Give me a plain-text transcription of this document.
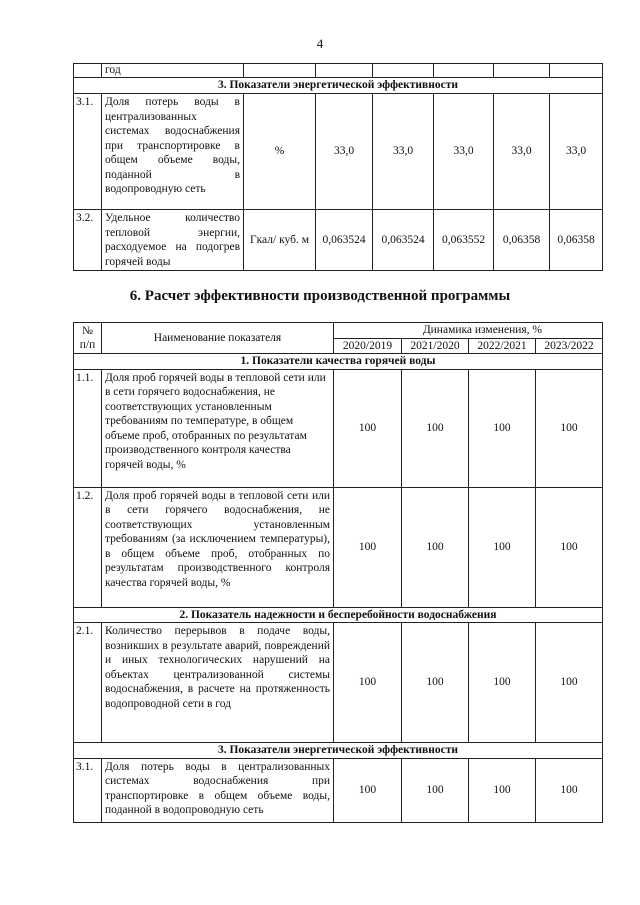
4
	год						
3. Показатели энергетической эффективности							
3.1.	Доля потерь воды в централизованных системах водоснабжения при транспортировке в общем объеме воды, поданной в водопроводную сеть	%	33,0	33,0	33,0	33,0	33,0
3.2.	Удельное количество тепловой энергии, расходуемое на подогрев горячей воды	Гкал/ куб. м	0,063524	0,063524	0,063552	0,06358	0,06358
6. Расчет эффективности производственной программы
№ п/п	Наименование показателя	Динамика изменения, %			
		2020/2019	2021/2020	2022/2021	2023/2022
1. Показатели качества горячей воды					
1.1.	Доля проб горячей воды в тепловой сети или в сети горячего водоснабжения, не соответствующих установленным требованиям по температуре, в общем объеме проб, отобранных по результатам производственного контроля качества горячей воды, %	100	100	100	100
1.2.	Доля проб горячей воды в тепловой сети или в сети горячего водоснабжения, не соответствующих установленным требованиям (за исключением температуры), в общем объеме проб, отобранных по результатам производственного контроля качества горячей воды, %	100	100	100	100
2. Показатель надежности и бесперебойности водоснабжения					
2.1.	Количество перерывов в подаче воды, возникших в результате аварий, повреждений и иных технологических нарушений на объектах централизованной системы водоснабжения, в расчете на протяженность водопроводной сети в год	100	100	100	100
3. Показатели энергетической эффективности					
3.1.	Доля потерь воды в централизованных системах водоснабжения при транспортировке в общем объеме воды, поданной в водопроводную сеть	100	100	100	100
